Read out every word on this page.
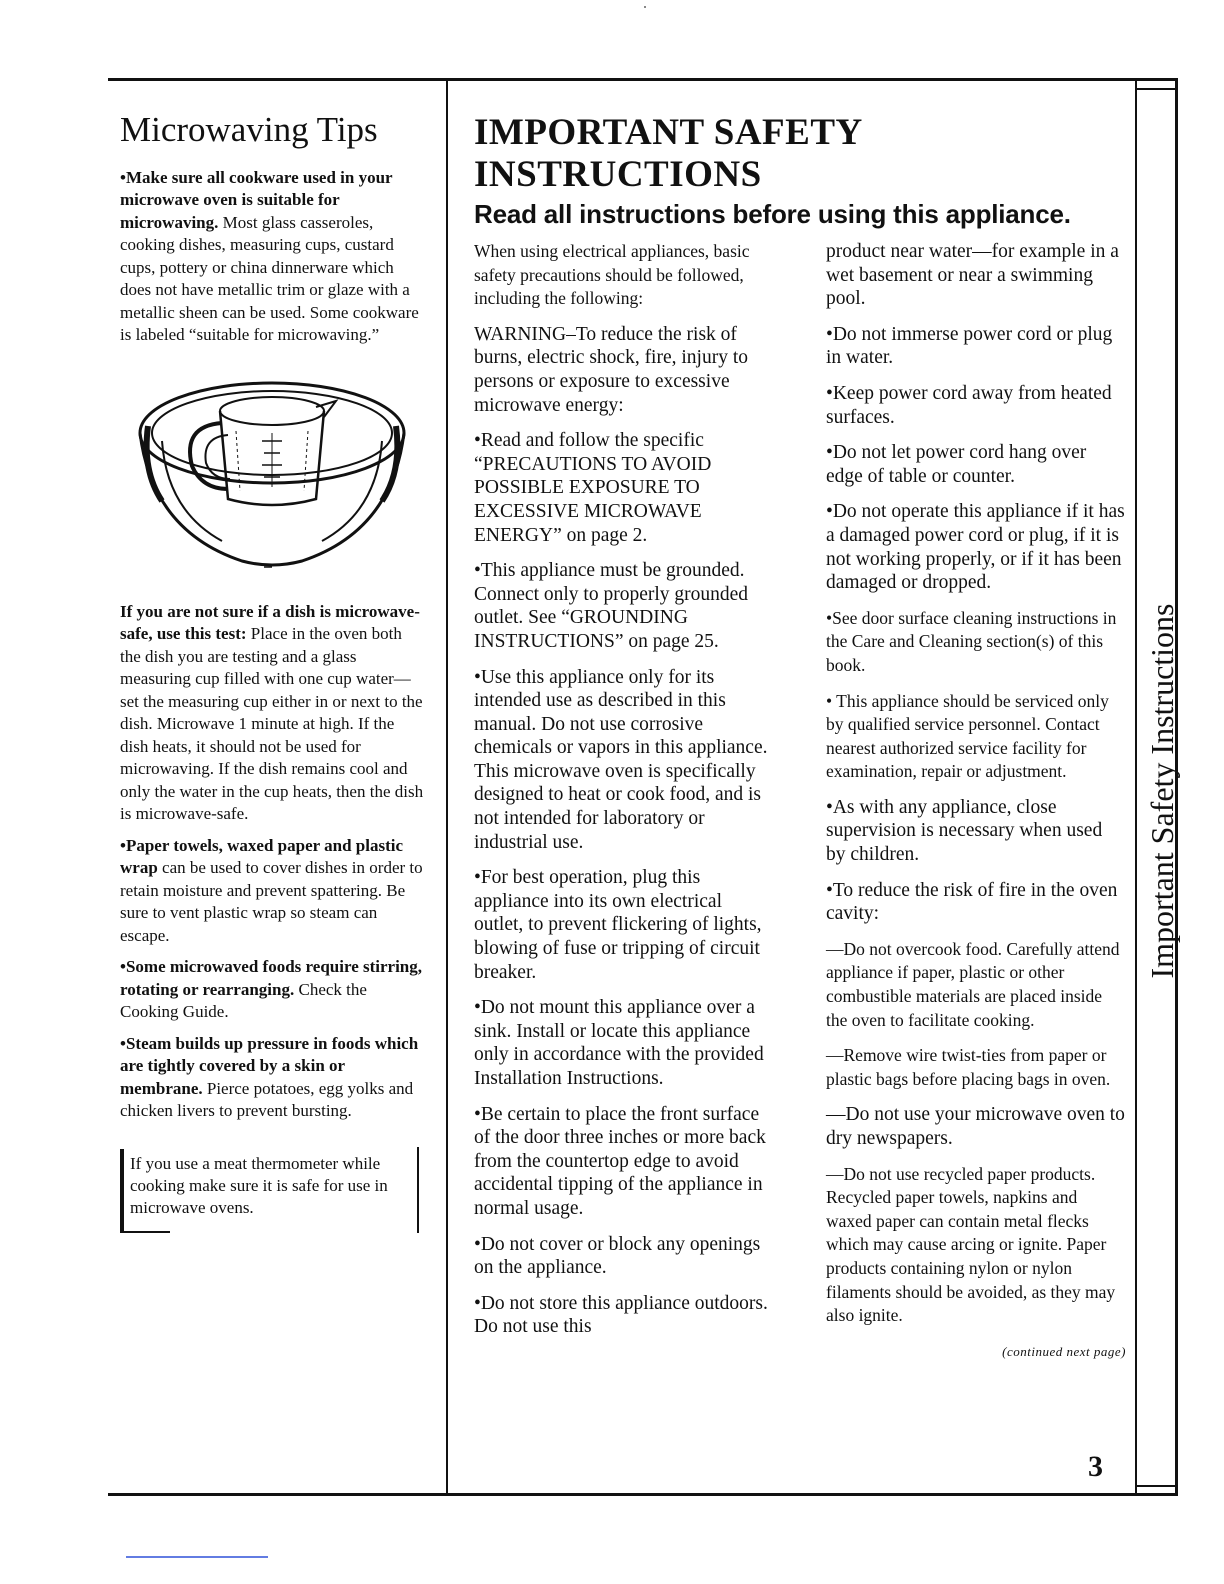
Microwaving Tips

•Make sure all cookware used in your microwave oven is suitable for microwaving. Most glass casseroles, cooking dishes, measuring cups, custard cups, pottery or china dinnerware which does not have metallic trim or glaze with a metallic sheen can be used. Some cookware is labeled “suitable for microwaving.”

If you are not sure if a dish is microwave-safe, use this test: Place in the oven both the dish you are testing and a glass measuring cup filled with one cup water—set the measuring cup either in or next to the dish. Microwave 1 minute at high. If the dish heats, it should not be used for microwaving. If the dish remains cool and only the water in the cup heats, then the dish is microwave-safe.

•Paper towels, waxed paper and plastic wrap can be used to cover dishes in order to retain moisture and prevent spattering. Be sure to vent plastic wrap so steam can escape.

•Some microwaved foods require stirring, rotating or rearranging. Check the Cooking Guide.

•Steam builds up pressure in foods which are tightly covered by a skin or membrane. Pierce potatoes, egg yolks and chicken livers to prevent bursting.

If you use a meat thermometer while cooking make sure it is safe for use in microwave ovens.
IMPORTANT SAFETY
INSTRUCTIONS
Read all instructions before using this appliance.

When using electrical appliances, basic safety precautions should be followed, including the following:

WARNING–To reduce the risk of burns, electric shock, fire, injury to persons or exposure to excessive microwave energy:

•Read and follow the specific “PRECAUTIONS TO AVOID POSSIBLE EXPOSURE TO EXCESSIVE MICROWAVE ENERGY” on page 2.

•This appliance must be grounded. Connect only to properly grounded outlet. See “GROUNDING INSTRUCTIONS” on page 25.

•Use this appliance only for its intended use as described in this manual. Do not use corrosive chemicals or vapors in this appliance. This microwave oven is specifically designed to heat or cook food, and is not intended for laboratory or industrial use.

•For best operation, plug this appliance into its own electrical outlet, to prevent flickering of lights, blowing of fuse or tripping of circuit breaker.

•Do not mount this appliance over a sink. Install or locate this appliance only in accordance with the provided Installation Instructions.

•Be certain to place the front surface of the door three inches or more back from the countertop edge to avoid accidental tipping of the appliance in normal usage.

•Do not cover or block any openings on the appliance.

•Do not store this appliance outdoors. Do not use this

product near water—for example in a wet basement or near a swimming pool.

•Do not immerse power cord or plug in water.

•Keep power cord away from heated surfaces.

•Do not let power cord hang over edge of table or counter.

•Do not operate this appliance if it has a damaged power cord or plug, if it is not working properly, or if it has been damaged or dropped.

•See door surface cleaning instructions in the Care and Cleaning section(s) of this book.

• This appliance should be serviced only by qualified service personnel. Contact nearest authorized service facility for examination, repair or adjustment.

•As with any appliance, close supervision is necessary when used by children.

•To reduce the risk of fire in the oven cavity:

—Do not overcook food. Carefully attend appliance if paper, plastic or other combustible materials are placed inside the oven to facilitate cooking.

—Remove wire twist-ties from paper or plastic bags before placing bags in oven.

—Do not use your microwave oven to dry newspapers.

—Do not use recycled paper products. Recycled paper towels, napkins and waxed paper can contain metal flecks which may cause arcing or ignite. Paper products containing nylon or nylon filaments should be avoided, as they may also ignite.

(continued next page)
Important Safety Instructions
3
